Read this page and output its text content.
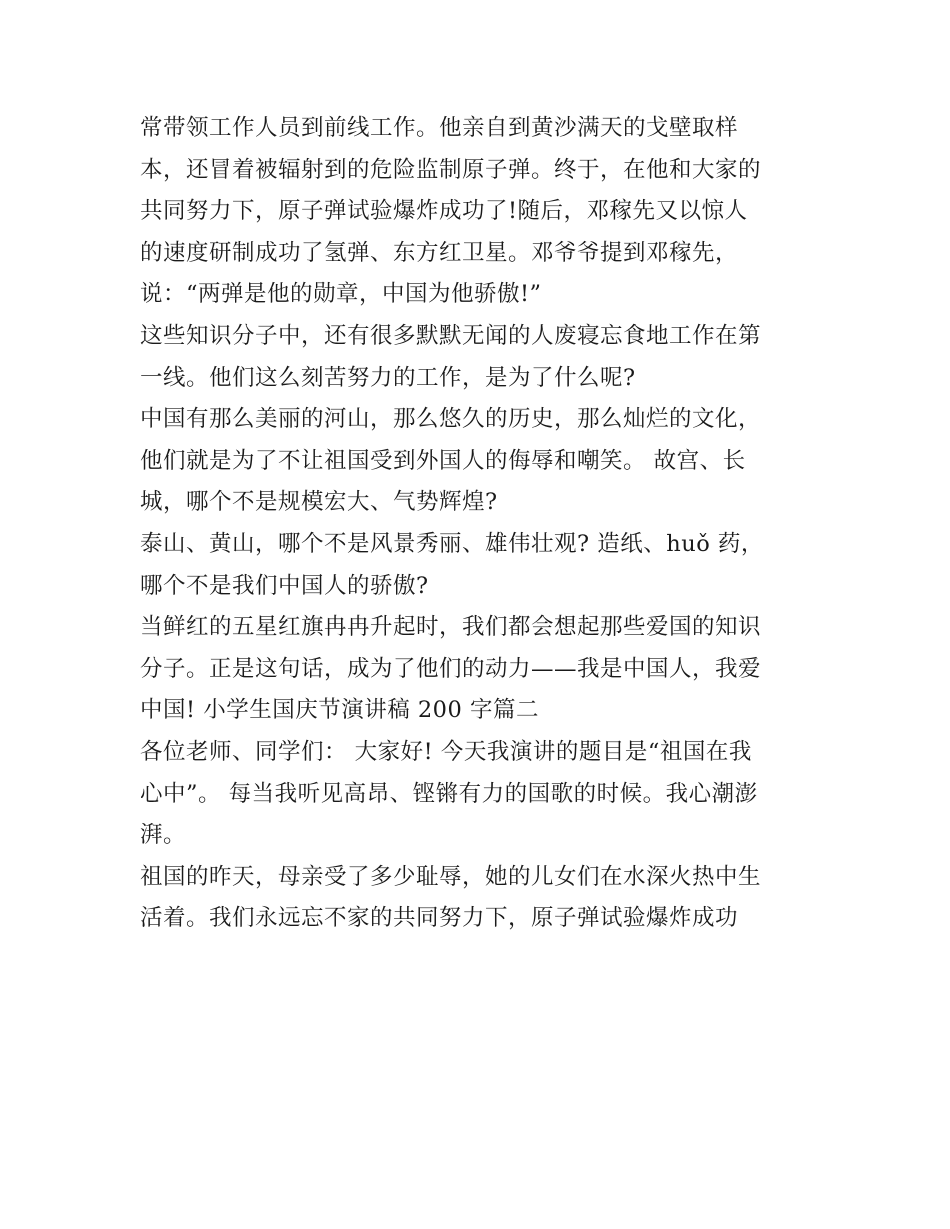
常带领工作人员到前线工作。他亲自到黄沙满天的戈壁取样
本，还冒着被辐射到的危险监制原子弹。终于，在他和大家的
共同努力下，原子弹试验爆炸成功了!随后，邓稼先又以惊人
的速度研制成功了氢弹、东方红卫星。邓爷爷提到邓稼先，
说：“两弹是他的勋章，中国为他骄傲!”
这些知识分子中，还有很多默默无闻的人废寝忘食地工作在第
一线。他们这么刻苦努力的工作，是为了什么呢?
中国有那么美丽的河山，那么悠久的历史，那么灿烂的文化，
他们就是为了不让祖国受到外国人的侮辱和嘲笑。 故宫、长
城，哪个不是规模宏大、气势辉煌?
泰山、黄山，哪个不是风景秀丽、雄伟壮观? 造纸、huǒ 药，
哪个不是我们中国人的骄傲?
当鲜红的五星红旗冉冉升起时，我们都会想起那些爱国的知识
分子。正是这句话，成为了他们的动力——我是中国人，我爱
中国! 小学生国庆节演讲稿 200 字篇二
各位老师、同学们： 大家好! 今天我演讲的题目是“祖国在我
心中”。 每当我听见高昂、铿锵有力的国歌的时候。我心潮澎
湃。
祖国的昨天，母亲受了多少耻辱，她的儿女们在水深火热中生
活着。我们永远忘不家的共同努力下，原子弹试验爆炸成功
